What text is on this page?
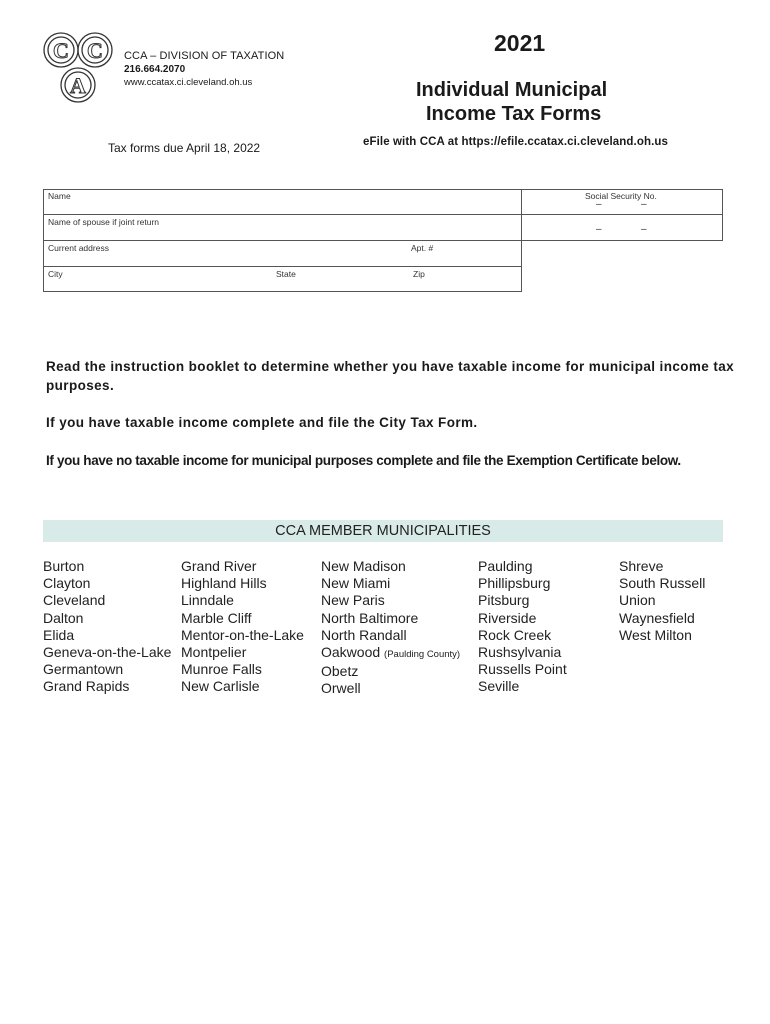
C C
A
CCA – DIVISION OF TAXATION
216.664.2070
www.ccatax.ci.cleveland.oh.us
2021
Individual Municipal
Income Tax Forms
Tax forms due April 18, 2022	eFile with CCA at https://efile.ccatax.ci.cleveland.oh.us
Name
Name of spouse if joint return
Current address	Apt. #
City	State	Zip
Social Security No.
–	–
–	–
Read the instruction booklet to determine whether you have taxable income for municipal income tax purposes.
If you have taxable income complete and file the City Tax Form.
If you have no taxable income for municipal purposes complete and file the Exemption Certificate below.
CCA MEMBER MUNICIPALITIES
Burton
Clayton
Cleveland
Dalton
Elida
Geneva-on-the-Lake
Germantown
Grand Rapids
Grand River
Highland Hills
Linndale
Marble Cliff
Mentor-on-the-Lake
Montpelier
Munroe Falls
New Carlisle
New Madison
New Miami
New Paris
North Baltimore
North Randall
Oakwood (Paulding County)
Obetz
Orwell
Paulding
Phillipsburg
Pitsburg
Riverside
Rock Creek
Rushsylvania
Russells Point
Seville
Shreve
South Russell
Union
Waynesfield
West Milton
